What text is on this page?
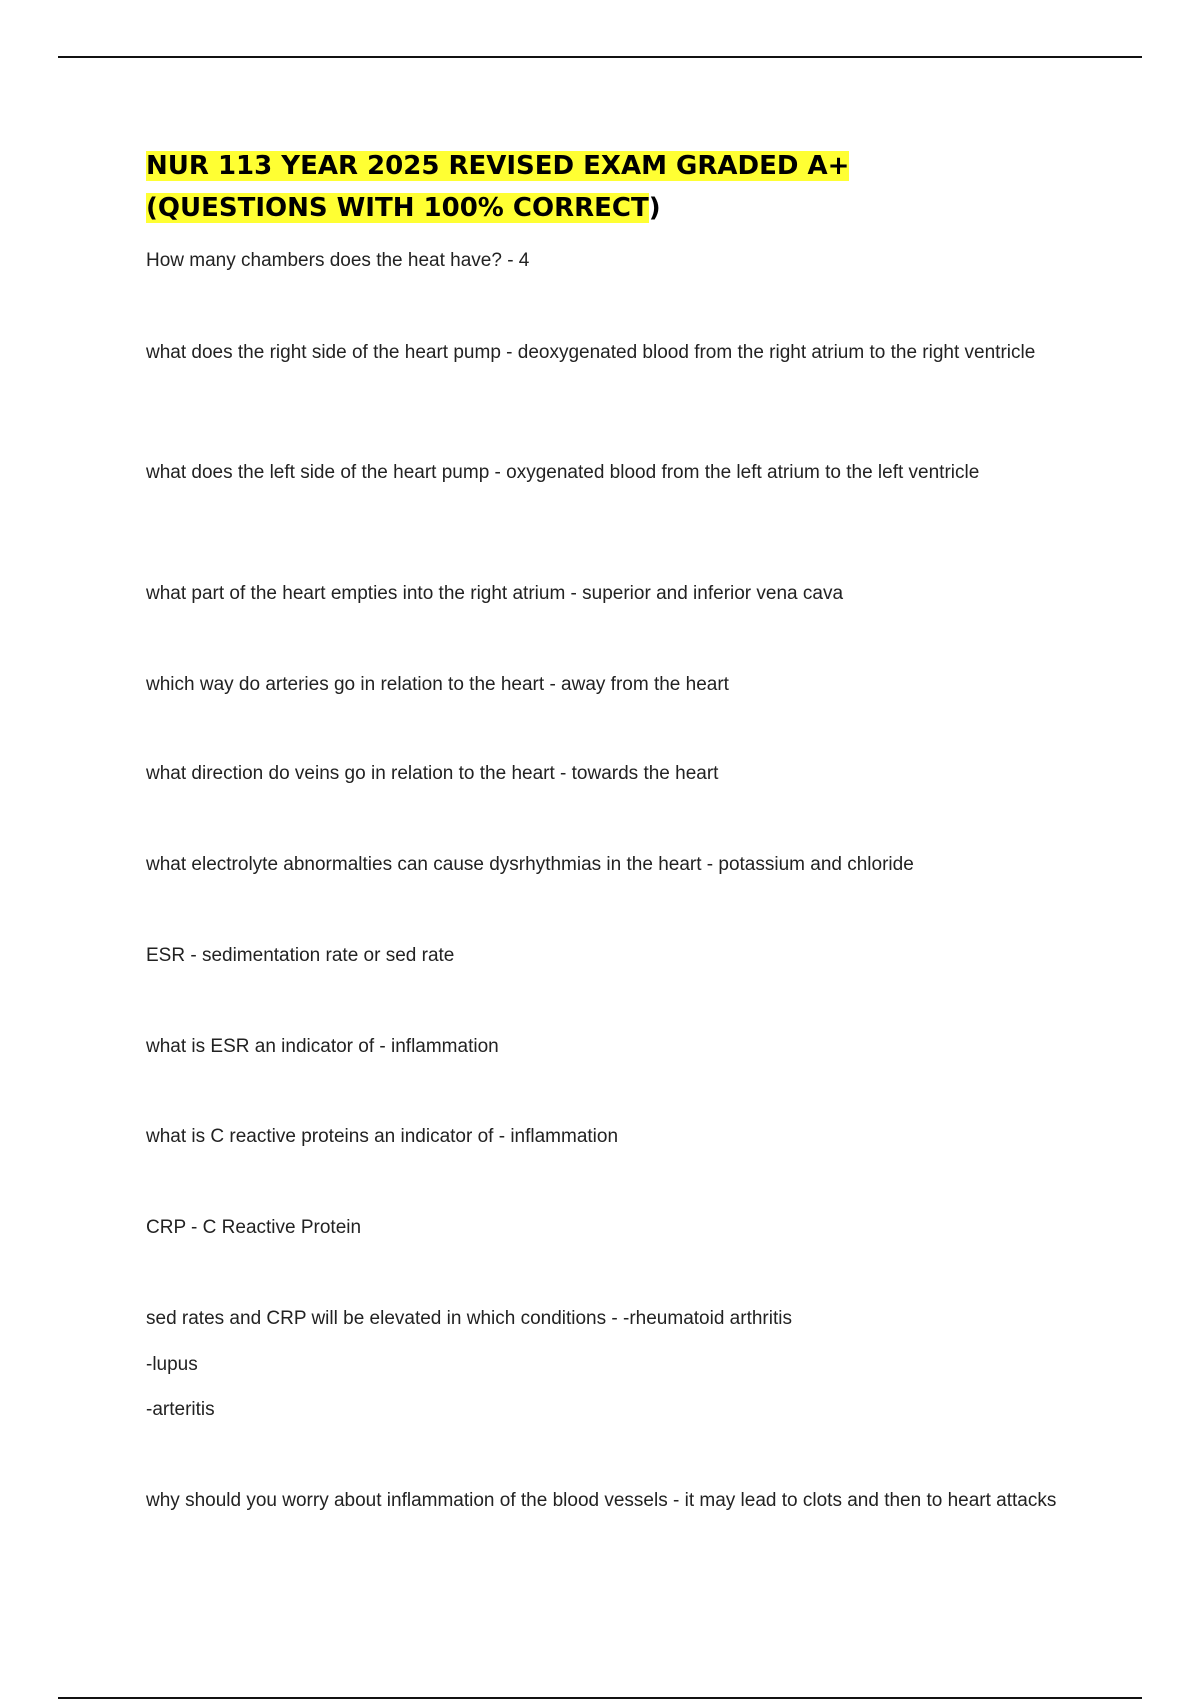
NUR 113 YEAR 2025 REVISED EXAM GRADED A+
(QUESTIONS WITH 100% CORRECT)

How many chambers does the heat have? - 4

what does the right side of the heart pump - deoxygenated blood from the right atrium to the right ventricle

what does the left side of the heart pump - oxygenated blood from the left atrium to the left ventricle

what part of the heart empties into the right atrium - superior and inferior vena cava

which way do arteries go in relation to the heart - away from the heart

what direction do veins go in relation to the heart - towards the heart

what electrolyte abnormalties can cause dysrhythmias in the heart - potassium and chloride

ESR - sedimentation rate or sed rate

what is ESR an indicator of - inflammation

what is C reactive proteins an indicator of - inflammation

CRP - C Reactive Protein

sed rates and CRP will be elevated in which conditions - -rheumatoid arthritis

-lupus

-arteritis

why should you worry about inflammation of the blood vessels - it may lead to clots and then to heart attacks
